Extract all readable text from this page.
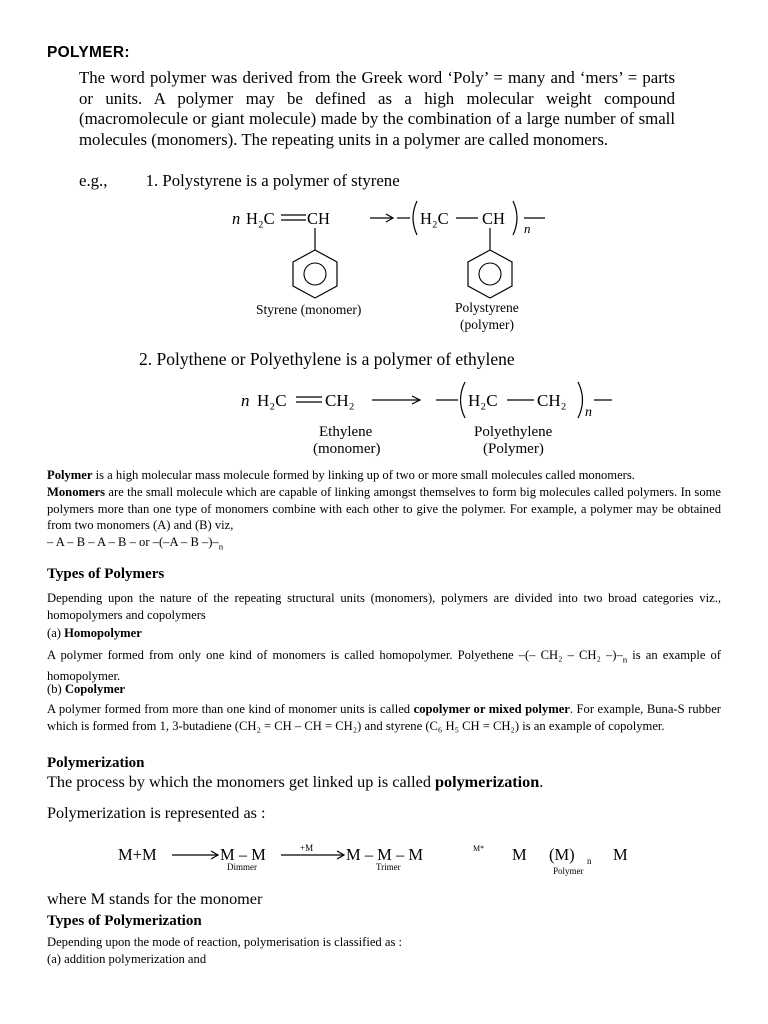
POLYMER:

The word polymer was derived from the Greek word ‘Poly’ = many and ‘mers’ = parts or units. A polymer may be defined as a high molecular weight compound (macromolecule or giant molecule) made by the combination of a large number of small molecules (monomers). The repeating units in a polymer are called monomers.

e.g., 1. Polystyrene is a polymer of styrene
n H₂C CH	H₂C CH
n
Styrene (monomer)	Polystyrene
(polymer)
2. Polythene or Polyethylene is a polymer of ethylene
n H₂C CH₂	H₂C CH₂
n
Ethylene
(monomer)
Polyethylene
(Polymer)

Polymer is a high molecular mass molecule formed by linking up of two or more small molecules called monomers.

Monomers are the small molecule which are capable of linking amongst themselves to form big molecules called polymers. In some polymers more than one type of monomers combine with each other to give the polymer. For example, a polymer may be obtained from two monomers (A) and (B) viz,

– A – B – A – B – or –(–A – B $-)-_n$

Types of Polymers

Depending upon the nature of the repeating structural units (monomers), polymers are divided into two broad categories viz., homopolymers and copolymers

(a) Homopolymer

A polymer formed from only one kind of monomers is called homopolymer. Polyethene –(– CH₂ – CH₂ $-)-_n$ is an example of homopolymer.

(b) Copolymer

A polymer formed from more than one kind of monomer units is called copolymer or mixed polymer. For example, Buna-S rubber which is formed from 1, 3-butadiene (CH₂ = CH – CH = CH₂) and styrene (C₆ H₅ CH = CH₂) is an example of copolymer.

Polymerization
The process by which the monomers get linked up is called polymerization.
Polymerization is represented as :
M+M	M – M
Dimmer
+M M – M – M
Trimer
M* M (M) n
Polymer
M
where M stands for the monomer
Types of Polymerization

Depending upon the mode of reaction, polymerisation is classified as :

(a) addition polymerization and
